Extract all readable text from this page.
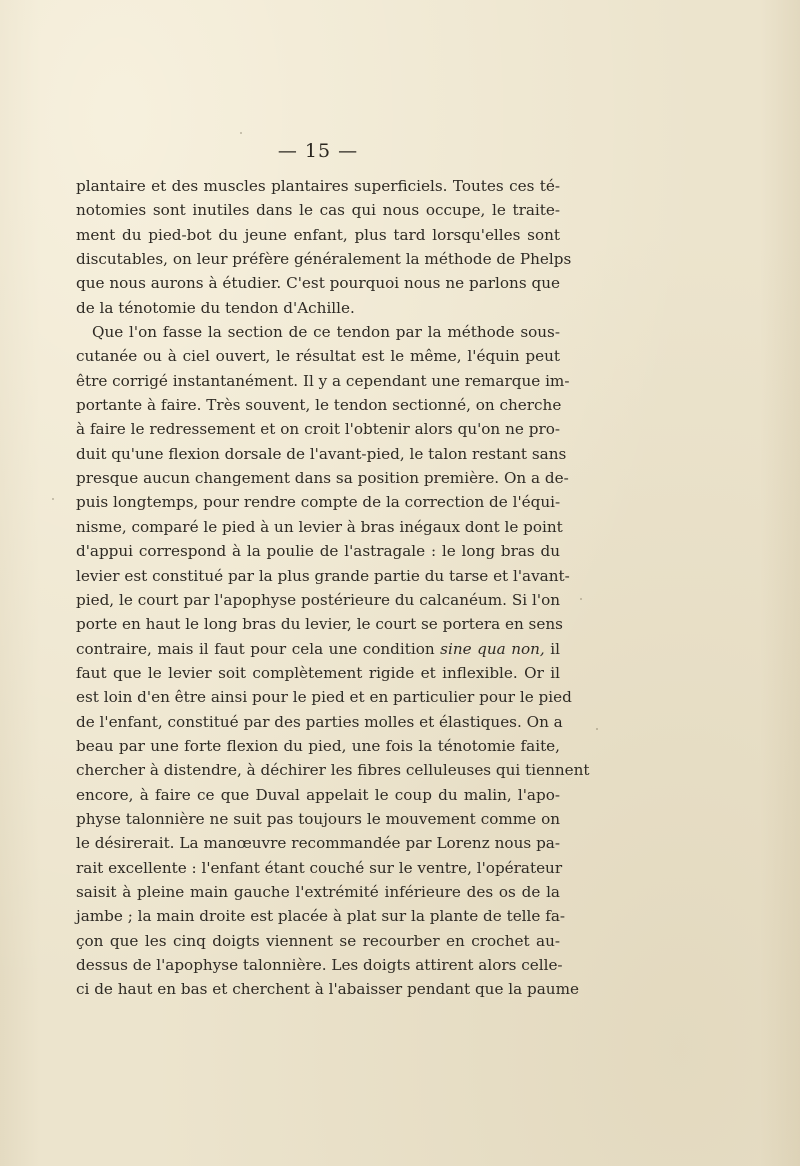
— 15 —
plantaire et des muscles plantaires superficiels. Toutes ces té-
notomies sont inutiles dans le cas qui nous occupe, le traite-
ment du pied-bot du jeune enfant, plus tard lorsqu'elles sont
discutables, on leur préfère généralement la méthode de Phelps
que nous aurons à étudier. C'est pourquoi nous ne parlons que
de la ténotomie du tendon d'Achille.
Que l'on fasse la section de ce tendon par la méthode sous-
cutanée ou à ciel ouvert, le résultat est le même, l'équin peut
être corrigé instantanément. Il y a cependant une remarque im-
portante à faire. Très souvent, le tendon sectionné, on cherche
à faire le redressement et on croit l'obtenir alors qu'on ne pro-
duit qu'une flexion dorsale de l'avant-pied, le talon restant sans
presque aucun changement dans sa position première. On a de-
puis longtemps, pour rendre compte de la correction de l'équi-
nisme, comparé le pied à un levier à bras inégaux dont le point
d'appui correspond à la poulie de l'astragale : le long bras du
levier est constitué par la plus grande partie du tarse et l'avant-
pied, le court par l'apophyse postérieure du calcanéum. Si l'on
porte en haut le long bras du levier, le court se portera en sens
contraire, mais il faut pour cela une condition sine qua non, il
faut que le levier soit complètement rigide et inflexible. Or il
est loin d'en être ainsi pour le pied et en particulier pour le pied
de l'enfant, constitué par des parties molles et élastiques. On a
beau par une forte flexion du pied, une fois la ténotomie faite,
chercher à distendre, à déchirer les fibres celluleuses qui tiennent
encore, à faire ce que Duval appelait le coup du malin, l'apo-
physe talonnière ne suit pas toujours le mouvement comme on
le désirerait. La manœuvre recommandée par Lorenz nous pa-
rait excellente : l'enfant étant couché sur le ventre, l'opérateur
saisit à pleine main gauche l'extrémité inférieure des os de la
jambe ; la main droite est placée à plat sur la plante de telle fa-
çon que les cinq doigts viennent se recourber en crochet au-
dessus de l'apophyse talonnière. Les doigts attirent alors celle-
ci de haut en bas et cherchent à l'abaisser pendant que la paume
